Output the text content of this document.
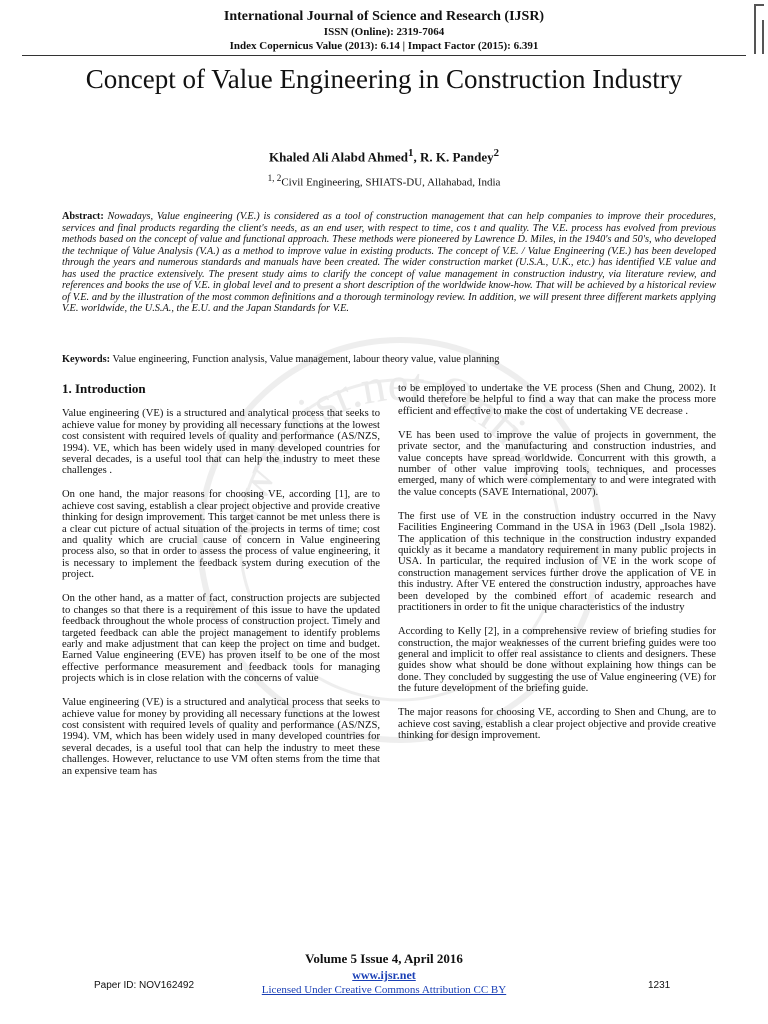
International Journal of Science and Research (IJSR)
ISSN (Online): 2319-7064
Index Copernicus Value (2013): 6.14 | Impact Factor (2015): 6.391
www.ijsr.net Online
Concept of Value Engineering in Construction Industry
Khaled Ali Alabd Ahmed$^1$, R. K. Pandey$^2$
$^{1, 2}$Civil Engineering, SHIATS-DU, Allahabad, India
Abstract: Nowadays, Value engineering (V.E.) is considered as a tool of construction management that can help companies to improve their procedures, services and final products regarding the client's needs, as an end user, with respect to time, cos t and quality. The V.E. process has evolved from previous methods based on the concept of value and functional approach. These methods were pioneered by Lawrence D. Miles, in the 1940's and 50's, who developed the technique of Value Analysis (V.A.) as a method to improve value in existing products. The concept of V.E. / Value Engineering (V.E.) has been developed through the years and numerous standards and manuals have been created. The wider construction market (U.S.A., U.K., etc.) has identified V.E value and has used the practice extensively. The present study aims to clarify the concept of value management in construction industry, via literature review, and references and books the use of V.E. in global level and to present a short description of the worldwide know-how. That will be achieved by a historical review of V.E. and by the illustration of the most common definitions and a thorough terminology review. In addition, we will present three different markets applying V.E. worldwide, the U.S.A., the E.U. and the Japan Standards for V.E.
Keywords: Value engineering, Function analysis, Value management, labour theory value, value planning
1. Introduction

Value engineering (VE) is a structured and analytical process that seeks to achieve value for money by providing all necessary functions at the lowest cost consistent with required levels of quality and performance (AS/NZS, 1994). VE, which has been widely used in many developed countries for several decades, is a useful tool that can help the industry to meet these challenges .

On one hand, the major reasons for choosing VE, according [1], are to achieve cost saving, establish a clear project objective and provide creative thinking for design improvement. This target cannot be met unless there is a clear cut picture of actual situation of the projects in terms of time; cost and quality which are crucial cause of concern in Value engineering process also, so that in order to assess the process of value engineering, it is necessary to implement the feedback system during execution of the project.

On the other hand, as a matter of fact, construction projects are subjected to changes so that there is a requirement of this issue to have the updated feedback throughout the whole process of construction project. Timely and targeted feedback can able the project management to identify problems early and make adjustment that can keep the project on time and budget. Earned Value engineering (EVE) has proven itself to be one of the most effective performance measurement and feedback tools for managing projects which is in close relation with the concerns of value

Value engineering (VE) is a structured and analytical process that seeks to achieve value for money by providing all necessary functions at the lowest cost consistent with required levels of quality and performance (AS/NZS, 1994). VM, which has been widely used in many developed countries for several decades, is a useful tool that can help the industry to meet these challenges. However, reluctance to use VM often stems from the time that an expensive team has

to be employed to undertake the VE process (Shen and Chung, 2002). It would therefore be helpful to find a way that can make the process more efficient and effective to make the cost of undertaking VE decrease .

VE has been used to improve the value of projects in government, the private sector, and the manufacturing and construction industries, and value concepts have spread worldwide. Concurrent with this growth, a number of other value improving tools, techniques, and processes emerged, many of which were complementary to and were integrated with the value concepts (SAVE International, 2007).

The first use of VE in the construction industry occurred in the Navy Facilities Engineering Command in the USA in 1963 (Dell „Isola 1982). The application of this technique in the construction industry expanded quickly as it became a mandatory requirement in many public projects in USA. In particular, the required inclusion of VE in the work scope of construction management services further drove the application of VE in this industry. After VE entered the construction industry, approaches have been developed by the combined effort of academic research and practitioners in order to fit the unique characteristics of the industry

According to Kelly [2], in a comprehensive review of briefing studies for construction, the major weaknesses of the current briefing guides were too general and implicit to offer real assistance to clients and designers. These guides show what should be done without explaining how things can be done. They concluded by suggesting the use of Value engineering (VE) for the future development of the briefing guide.

The major reasons for choosing VE, according to Shen and Chung, are to achieve cost saving, establish a clear project objective and provide creative thinking for design improvement.

Volume 5 Issue 4, April 2016
www.ijsr.net
Licensed Under Creative Commons Attribution CC BY
Paper ID: NOV162492	1231
